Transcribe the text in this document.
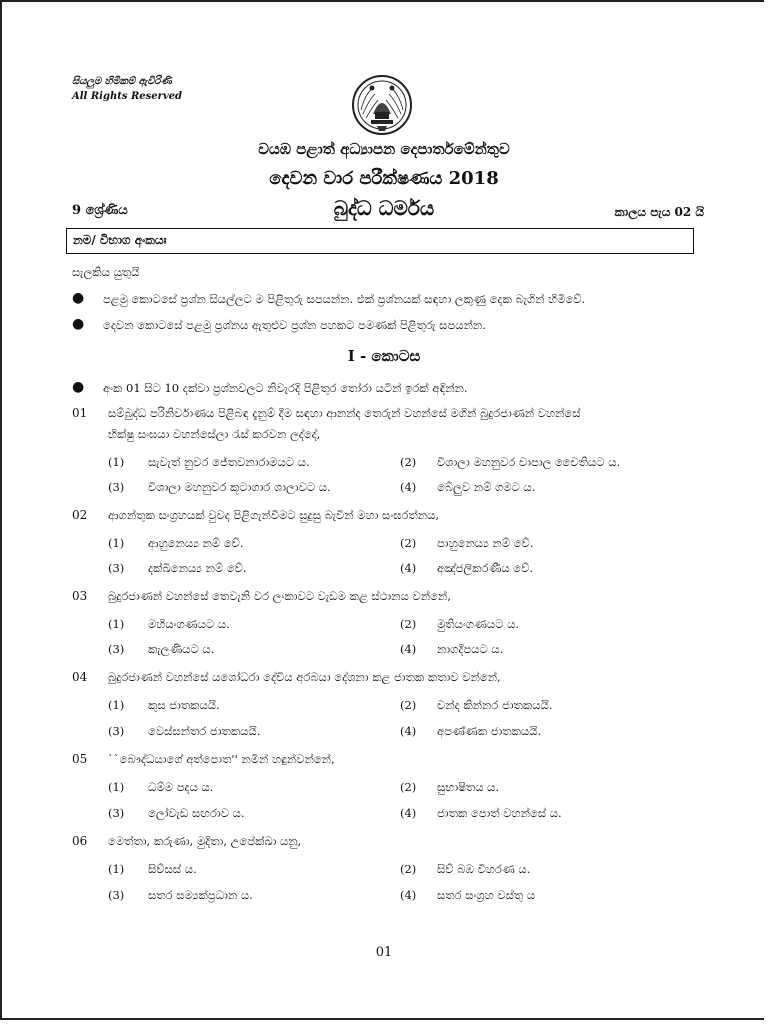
සියලුම හිමිකම් ඇවිරිණි
All Rights Reserved
වයඹ පළාත් අධ්‍යාපන දෙපාර්තමේන්තුව
දෙවන වාර පරීක්ෂණය 2018
9 ශ්‍රේණිය	බුද්ධ ධර්මය	කාලය පැය 02 යි
නම/ විභාග අංකයඃ
සැලකිය යුතුයි
● පළමු කොටසේ ප්‍රශ්න සියල්ලට ම පිළිතුරු සපයන්න. එක් ප්‍රශ්නයක් සඳහා ලකුණු දෙක බැගින් හිමිවේ.
● දෙවන කොටසේ පළමු ප්‍රශ්නය ඇතුළුව ප්‍රශ්න පහකට පමණක් පිළිතුරු සපයන්න.
I - කොටස
● අංක 01 සිට 10 දක්වා ප්‍රශ්නවලට නිවැරදි පිළිතුර තෝරා යටින් ඉරක් අඳින්න.
01 සම්බුද්ධ පරිනිර්වාණය පිළිබඳ දැනුම් දීම සඳහා ආනන්ද තෙරුන් වහන්සේ මගින් බුදුරජාණන් වහන්සේ
භික්ෂු සංඝයා වහන්සේලා රැස් කරවන ලද්දේ,
(1) සැවැත් නුවර ජේතවනාරාමයට ය.	(2) විශාලා මහනුවර චාපාල චෛතියට ය.
(3) විශාලා මහනුවර කූටාගාර ශාලාවට ය.	(4) බේලුව නම් ගමට ය.
02 ආගන්තුක සංග්‍රහයක් වුවද පිළිගැන්වීමට සුදුසු බැවින් මහා සංඝරත්නය,
(1) ආහුනෙය්‍ය නම් වේ.	(2) පාහුනෙය්‍ය නම් වේ.
(3) දක්ඛිනෙය්‍ය නම් වේ.	(4) අඤ්ජලිකරණීය වේ.
03 බුදුරජාණන් වහන්සේ තෙවැනි වර ලංකාවට වැඩම කළ ස්ථානය වන්නේ,
(1) මහියංගණයට ය.	(2) මුතියංගණයට ය.
(3) කැලණියට ය.	(4) නාගදීපයට ය.
04 බුදුරජාණන් වහන්සේ යශෝධරා දේවිය අරබයා දේශනා කළ ජාතක කතාව වන්නේ,
(1) කුස ජාතකයයි.	(2) චන්ද කින්නර ජාතකයයි.
(3) වෙස්සන්තර ජාතකයයි.	(4) අපණ්ණක ජාතකයයි.
05 ``බෞද්ධයාගේ අත්පොත'' නමින් හඳුන්වන්නේ,
(1) ධම්ම පදය ය.	(2) සුභාෂිතය ය.
(3) ලෝවැඩ සඟරාව ය.	(4) ජාතක පොත් වහන්සේ ය.
06 මෙත්තා, කරුණා, මුදිතා, උපේක්ඛා යනු,
(1) සිව්සස් ය.	(2) සිව් බඹ විහරණ ය.
(3) සතර සම්‍යක්ප්‍රධාන ය.	(4) සතර සංග්‍රහ වස්තු ය
01
